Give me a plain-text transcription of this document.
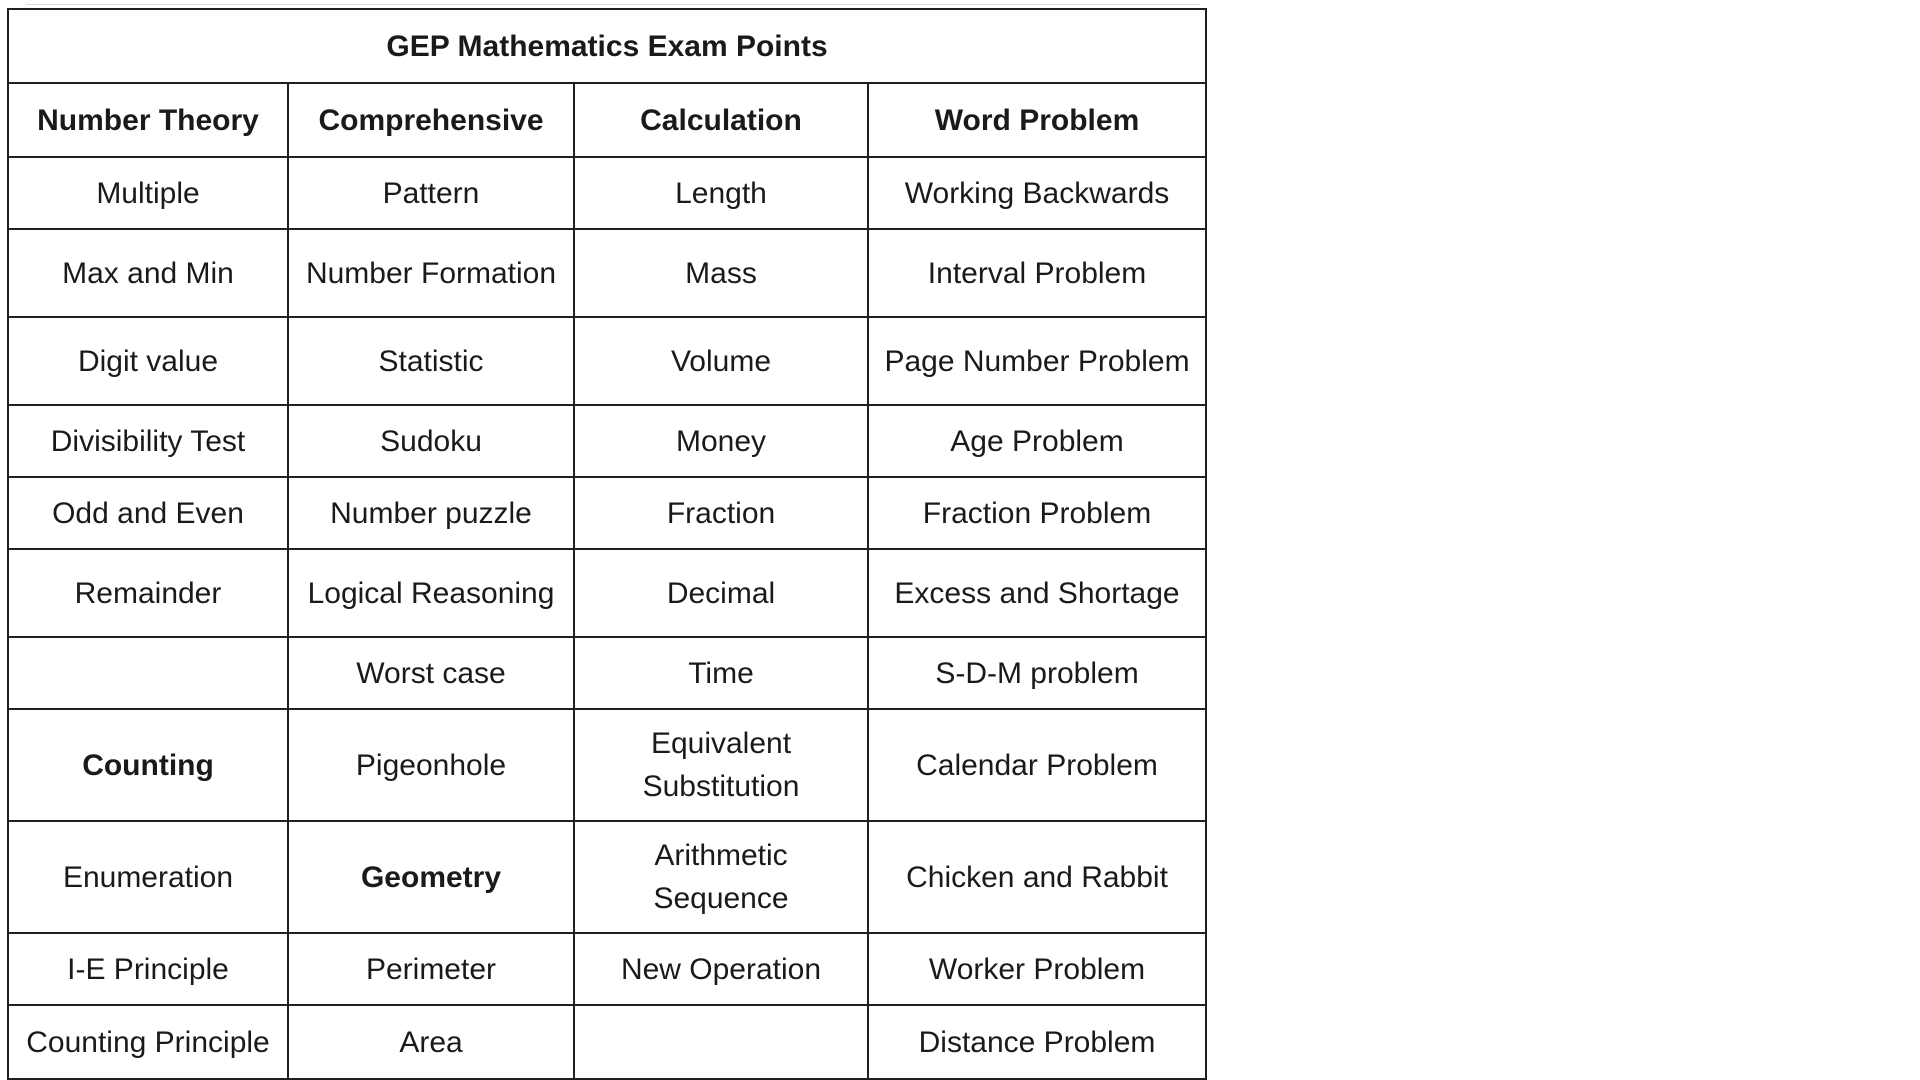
GEP Mathematics Exam Points			
Number Theory	Comprehensive	Calculation	Word Problem
Multiple	Pattern	Length	Working Backwards
Max and Min	Number Formation	Mass	Interval Problem
Digit value	Statistic	Volume	Page Number Problem
Divisibility Test	Sudoku	Money	Age Problem
Odd and Even	Number puzzle	Fraction	Fraction Problem
Remainder	Logical Reasoning	Decimal	Excess and Shortage
	Worst case	Time	S-D-M problem
Counting	Pigeonhole	Equivalent Substitution	Calendar Problem
Enumeration	Geometry	Arithmetic Sequence	Chicken and Rabbit
I-E Principle	Perimeter	New Operation	Worker Problem
Counting Principle	Area		Distance Problem
